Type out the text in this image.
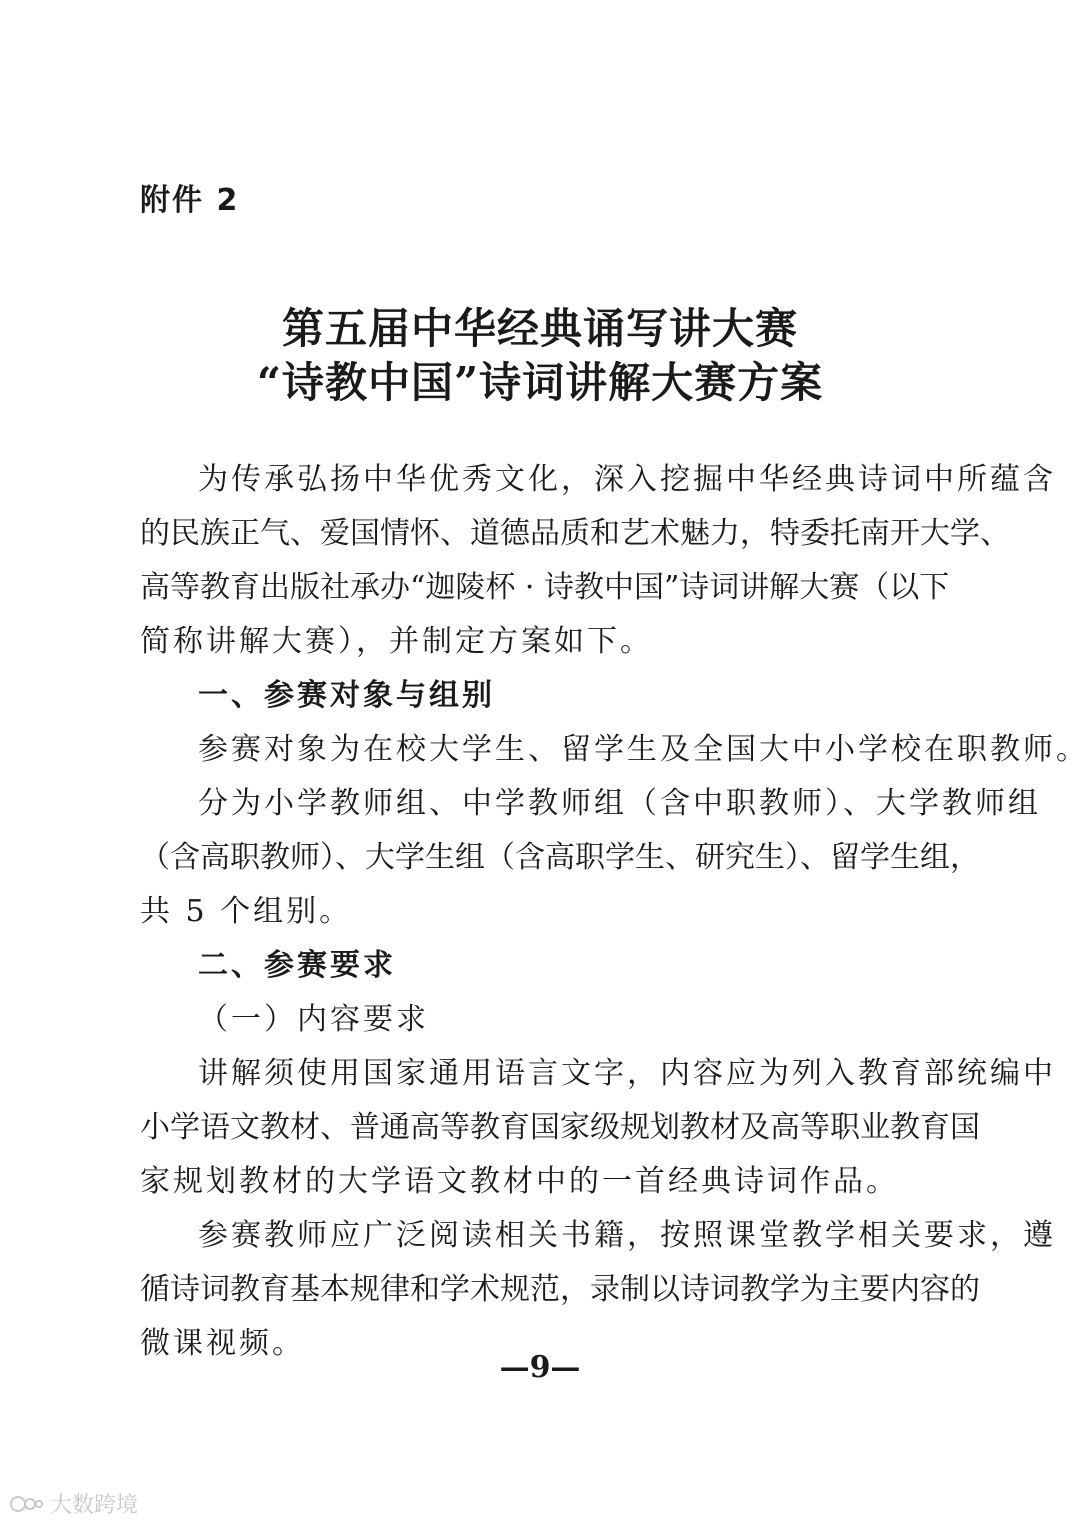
附件 2
第五届中华经典诵写讲大赛
“诗教中国”诗词讲解大赛方案
为传承弘扬中华优秀文化，深入挖掘中华经典诗词中所蕴含
的民族正气、爱国情怀、道德品质和艺术魅力，特委托南开大学、
高等教育出版社承办“迦陵杯 · 诗教中国”诗词讲解大赛（以下
简称讲解大赛），并制定方案如下。
一、参赛对象与组别
参赛对象为在校大学生、留学生及全国大中小学校在职教师。
分为小学教师组、中学教师组（含中职教师）、大学教师组
（含高职教师）、大学生组（含高职学生、研究生）、留学生组，
共 5 个组别。
二、参赛要求
（一）内容要求
讲解须使用国家通用语言文字，内容应为列入教育部统编中
小学语文教材、普通高等教育国家级规划教材及高等职业教育国
家规划教材的大学语文教材中的一首经典诗词作品。
参赛教师应广泛阅读相关书籍，按照课堂教学相关要求，遵
循诗词教育基本规律和学术规范，录制以诗词教学为主要内容的
微课视频。
—9—
大数跨境
